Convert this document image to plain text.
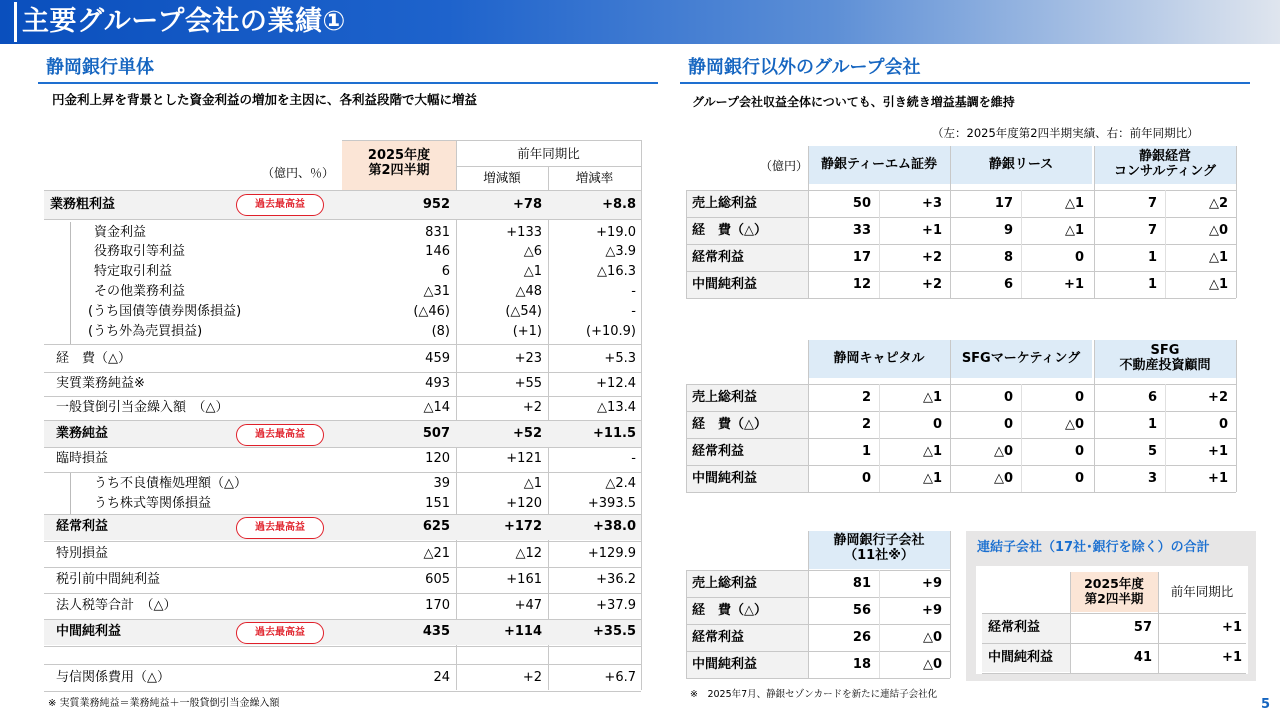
主要グループ会社の業績①
静岡銀行単体
円金利上昇を背景とした資金利益の増加を主因に、各利益段階で大幅に増益
2025年度
第2四半期
前年同期比
増減額	増減率
（億円、％）
業務粗利益	952	+78	+8.8
過去最高益
資金利益	831	+133	+19.0
役務取引等利益	146	△6	△3.9
特定取引利益	6	△1	△16.3
その他業務利益	△31	△48	-
(うち国債等債券関係損益)	(△46)	(△54)	-
(うち外為売買損益)	(8)	(+1)	(+10.9)
経　費（△）	459	+23	+5.3
実質業務純益※	493	+55	+12.4
一般貸倒引当金繰入額　（△）	△14	+2	△13.4
業務純益	507	+52	+11.5
過去最高益
臨時損益	120	+121	-
うち不良債権処理額（△）	39	△1	△2.4
うち株式等関係損益	151	+120	+393.5
経常利益	625	+172	+38.0
過去最高益
特別損益	△21	△12	+129.9
税引前中間純利益	605	+161	+36.2
法人税等合計　（△）	170	+47	+37.9
中間純利益	435	+114	+35.5
過去最高益
与信関係費用（△）	24	+2	+6.7
※ 実質業務純益＝業務純益＋一般貸倒引当金繰入額
静岡銀行以外のグループ会社
グループ会社収益全体についても、引き続き増益基調を維持
（左：2025年度第2四半期実績、右：前年同期比）
（億円）	静銀ティーエム証券	静銀リース
静銀経営
コンサルティング
売上総利益	50	+3	17	△1	7	△2
経　費（△）	33	+1	9	△1	7	△0
経常利益	17	+2	8	0	1	△1
中間純利益	12	+2	6	+1	1	△1
静岡キャピタル	SFGマーケティング
SFG
不動産投資顧問
売上総利益	2	△1	0	0	6	+2
経　費（△）	2	0	0	△0	1	0
経常利益	1	△1	△0	0	5	+1
中間純利益	0	△1	△0	0	3	+1
静岡銀行子会社
（11社※）
売上総利益	81	+9
経　費（△）	56	+9
経常利益	26	△0
中間純利益	18	△0
連結子会社（17社･銀行を除く）の合計
2025年度
第2四半期	前年同期比
経常利益	57	+1
中間純利益	41	+1
※　2025年7月、静銀セゾンカードを新たに連結子会社化
5
